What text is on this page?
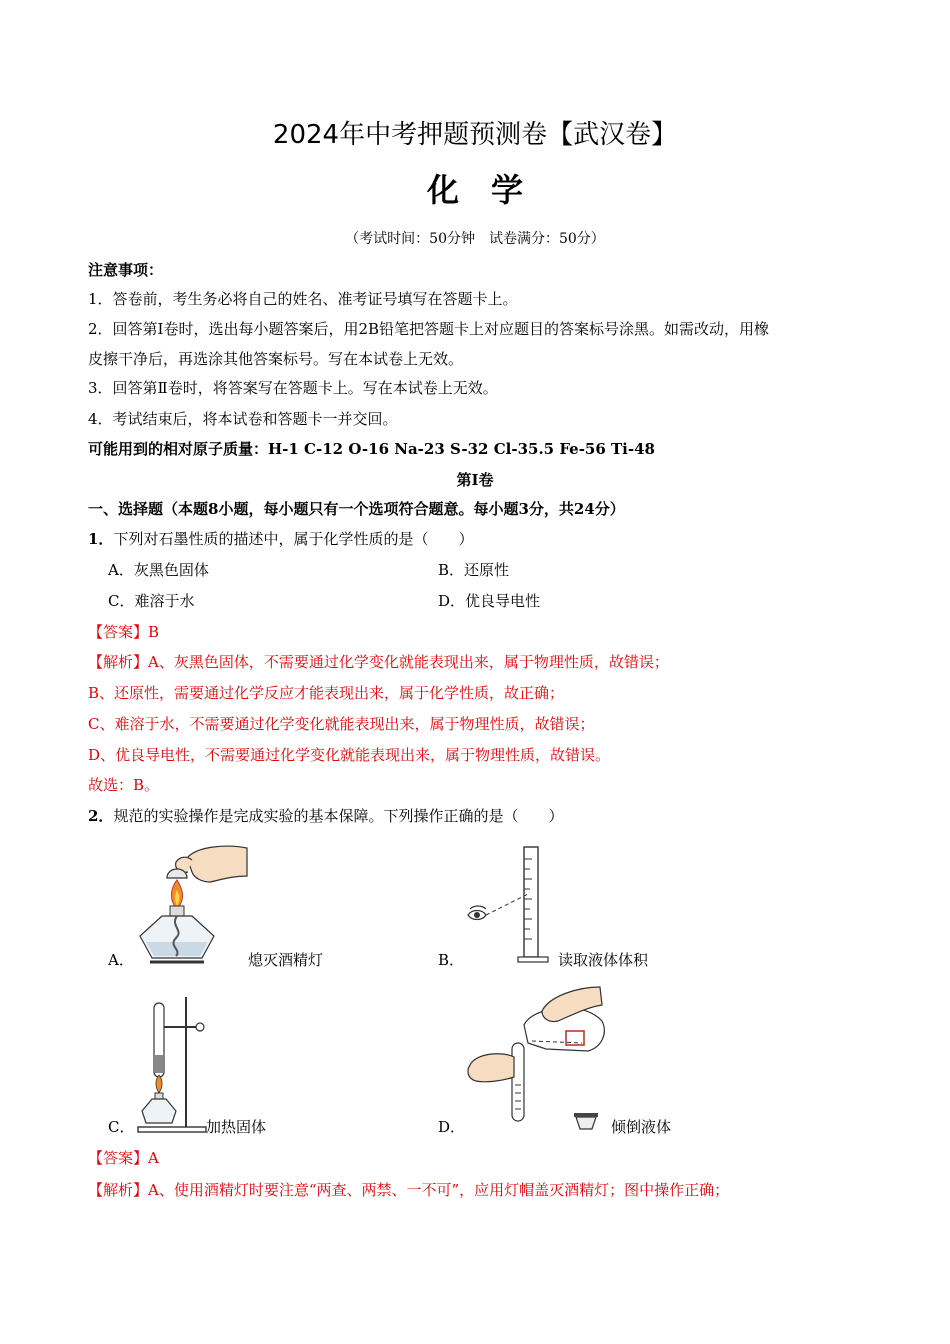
2024年中考押题预测卷【武汉卷】
化　学
（考试时间：50分钟　试卷满分：50分）
注意事项：
1．答卷前，考生务必将自己的姓名、准考证号填写在答题卡上。
2．回答第Ⅰ卷时，选出每小题答案后，用2B铅笔把答题卡上对应题目的答案标号涂黑。如需改动，用橡
皮擦干净后，再选涂其他答案标号。写在本试卷上无效。
3．回答第Ⅱ卷时，将答案写在答题卡上。写在本试卷上无效。
4．考试结束后，将本试卷和答题卡一并交回。
可能用到的相对原子质量：H-1 C-12 O-16 Na-23 S-32 Cl-35.5 Fe-56 Ti-48
第Ⅰ卷
一、选择题（本题8小题，每小题只有一个选项符合题意。每小题3分，共24分）
1．下列对石墨性质的描述中，属于化学性质的是（　　）
A．灰黑色固体	B．还原性
C．难溶于水	D．优良导电性
【答案】B
【解析】A、灰黑色固体，不需要通过化学变化就能表现出来，属于物理性质，故错误；
B、还原性，需要通过化学反应才能表现出来，属于化学性质，故正确；
C、难溶于水，不需要通过化学变化就能表现出来，属于物理性质，故错误；
D、优良导电性，不需要通过化学变化就能表现出来，属于物理性质，故错误。
故选：B。
2．规范的实验操作是完成实验的基本保障。下列操作正确的是（　　）
A．	熄灭酒精灯	B．	读取液体体积
C．	加热固体	D．	倾倒液体
【答案】A
【解析】A、使用酒精灯时要注意“两查、两禁、一不可”，应用灯帽盖灭酒精灯；图中操作正确；
